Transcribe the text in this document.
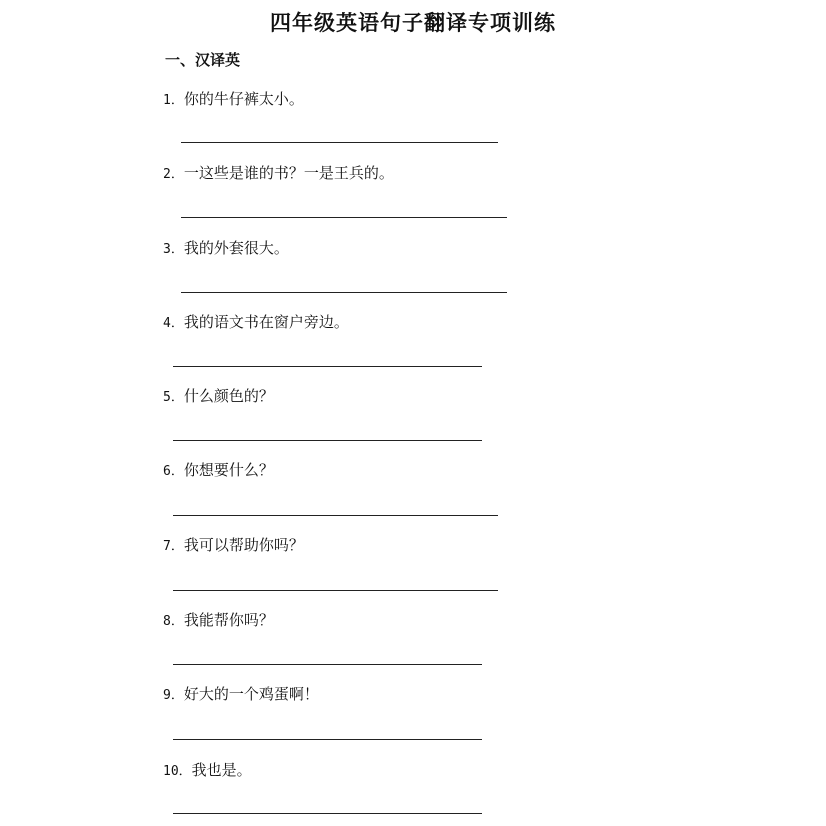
四年级英语句子翻译专项训练
一、汉译英
1．你的牛仔裤太小。
2．一这些是谁的书？一是王兵的。
3．我的外套很大。
4．我的语文书在窗户旁边。
5．什么颜色的？
6．你想要什么？
7．我可以帮助你吗？
8．我能帮你吗？
9．好大的一个鸡蛋啊！
10．我也是。
